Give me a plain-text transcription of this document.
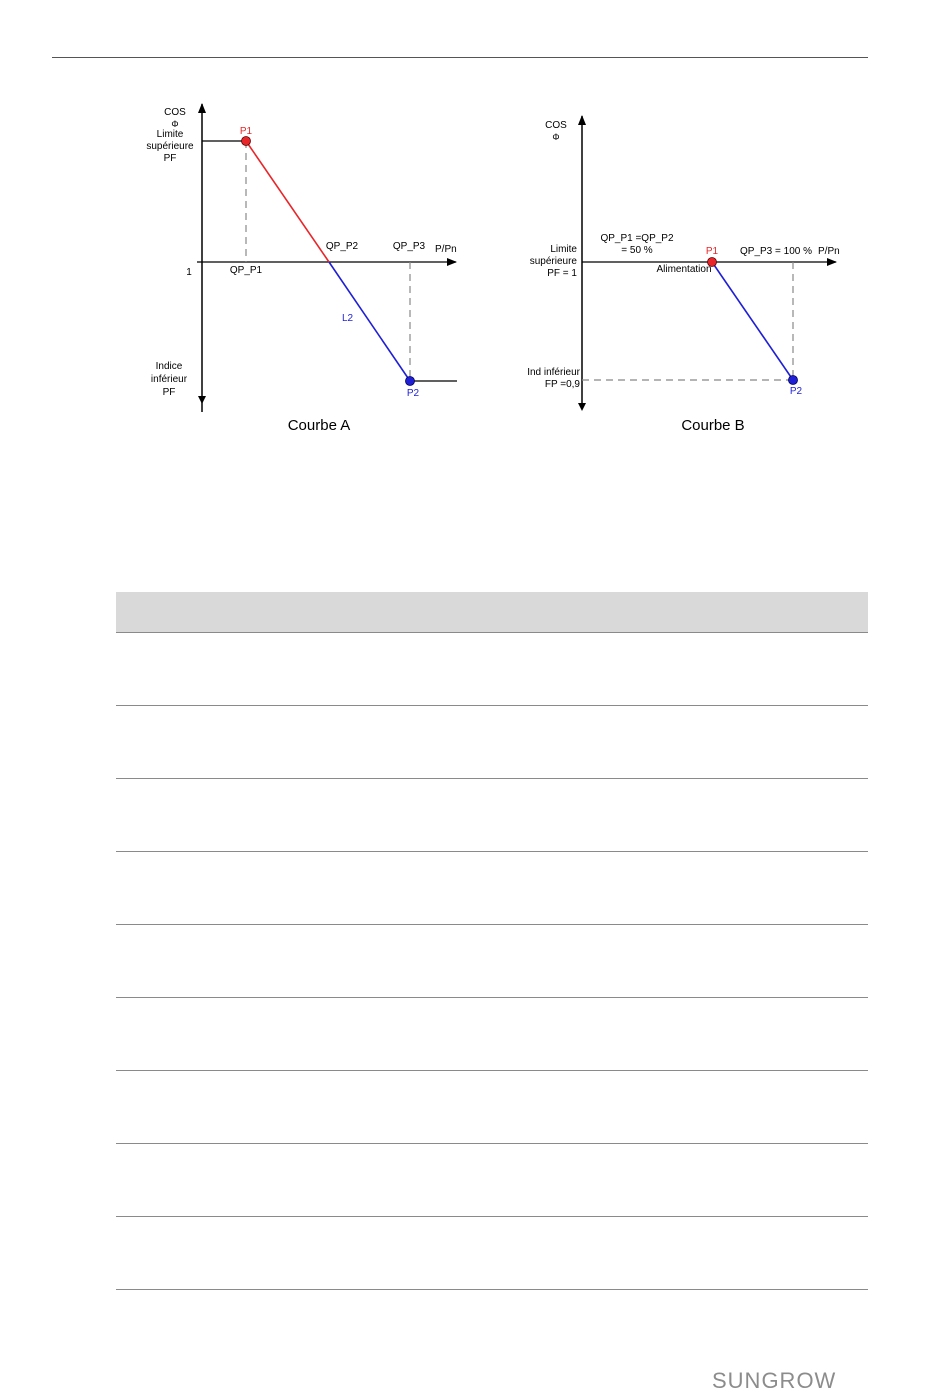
COS
Φ
Limite
supérieure
PF
1
Indice
inférieur
PF
P/Pn
QP_P1
QP_P2	QP_P3
P1
P2
L2
Courbe A
COS
Φ
Limite
supérieure
PF = 1
Ind inférieur
FP =0,9
QP_P1 =QP_P2
= 50 %
Alimentation
QP_P3 = 100 % P/Pn
P1
P2
Courbe B
SUNGROW
